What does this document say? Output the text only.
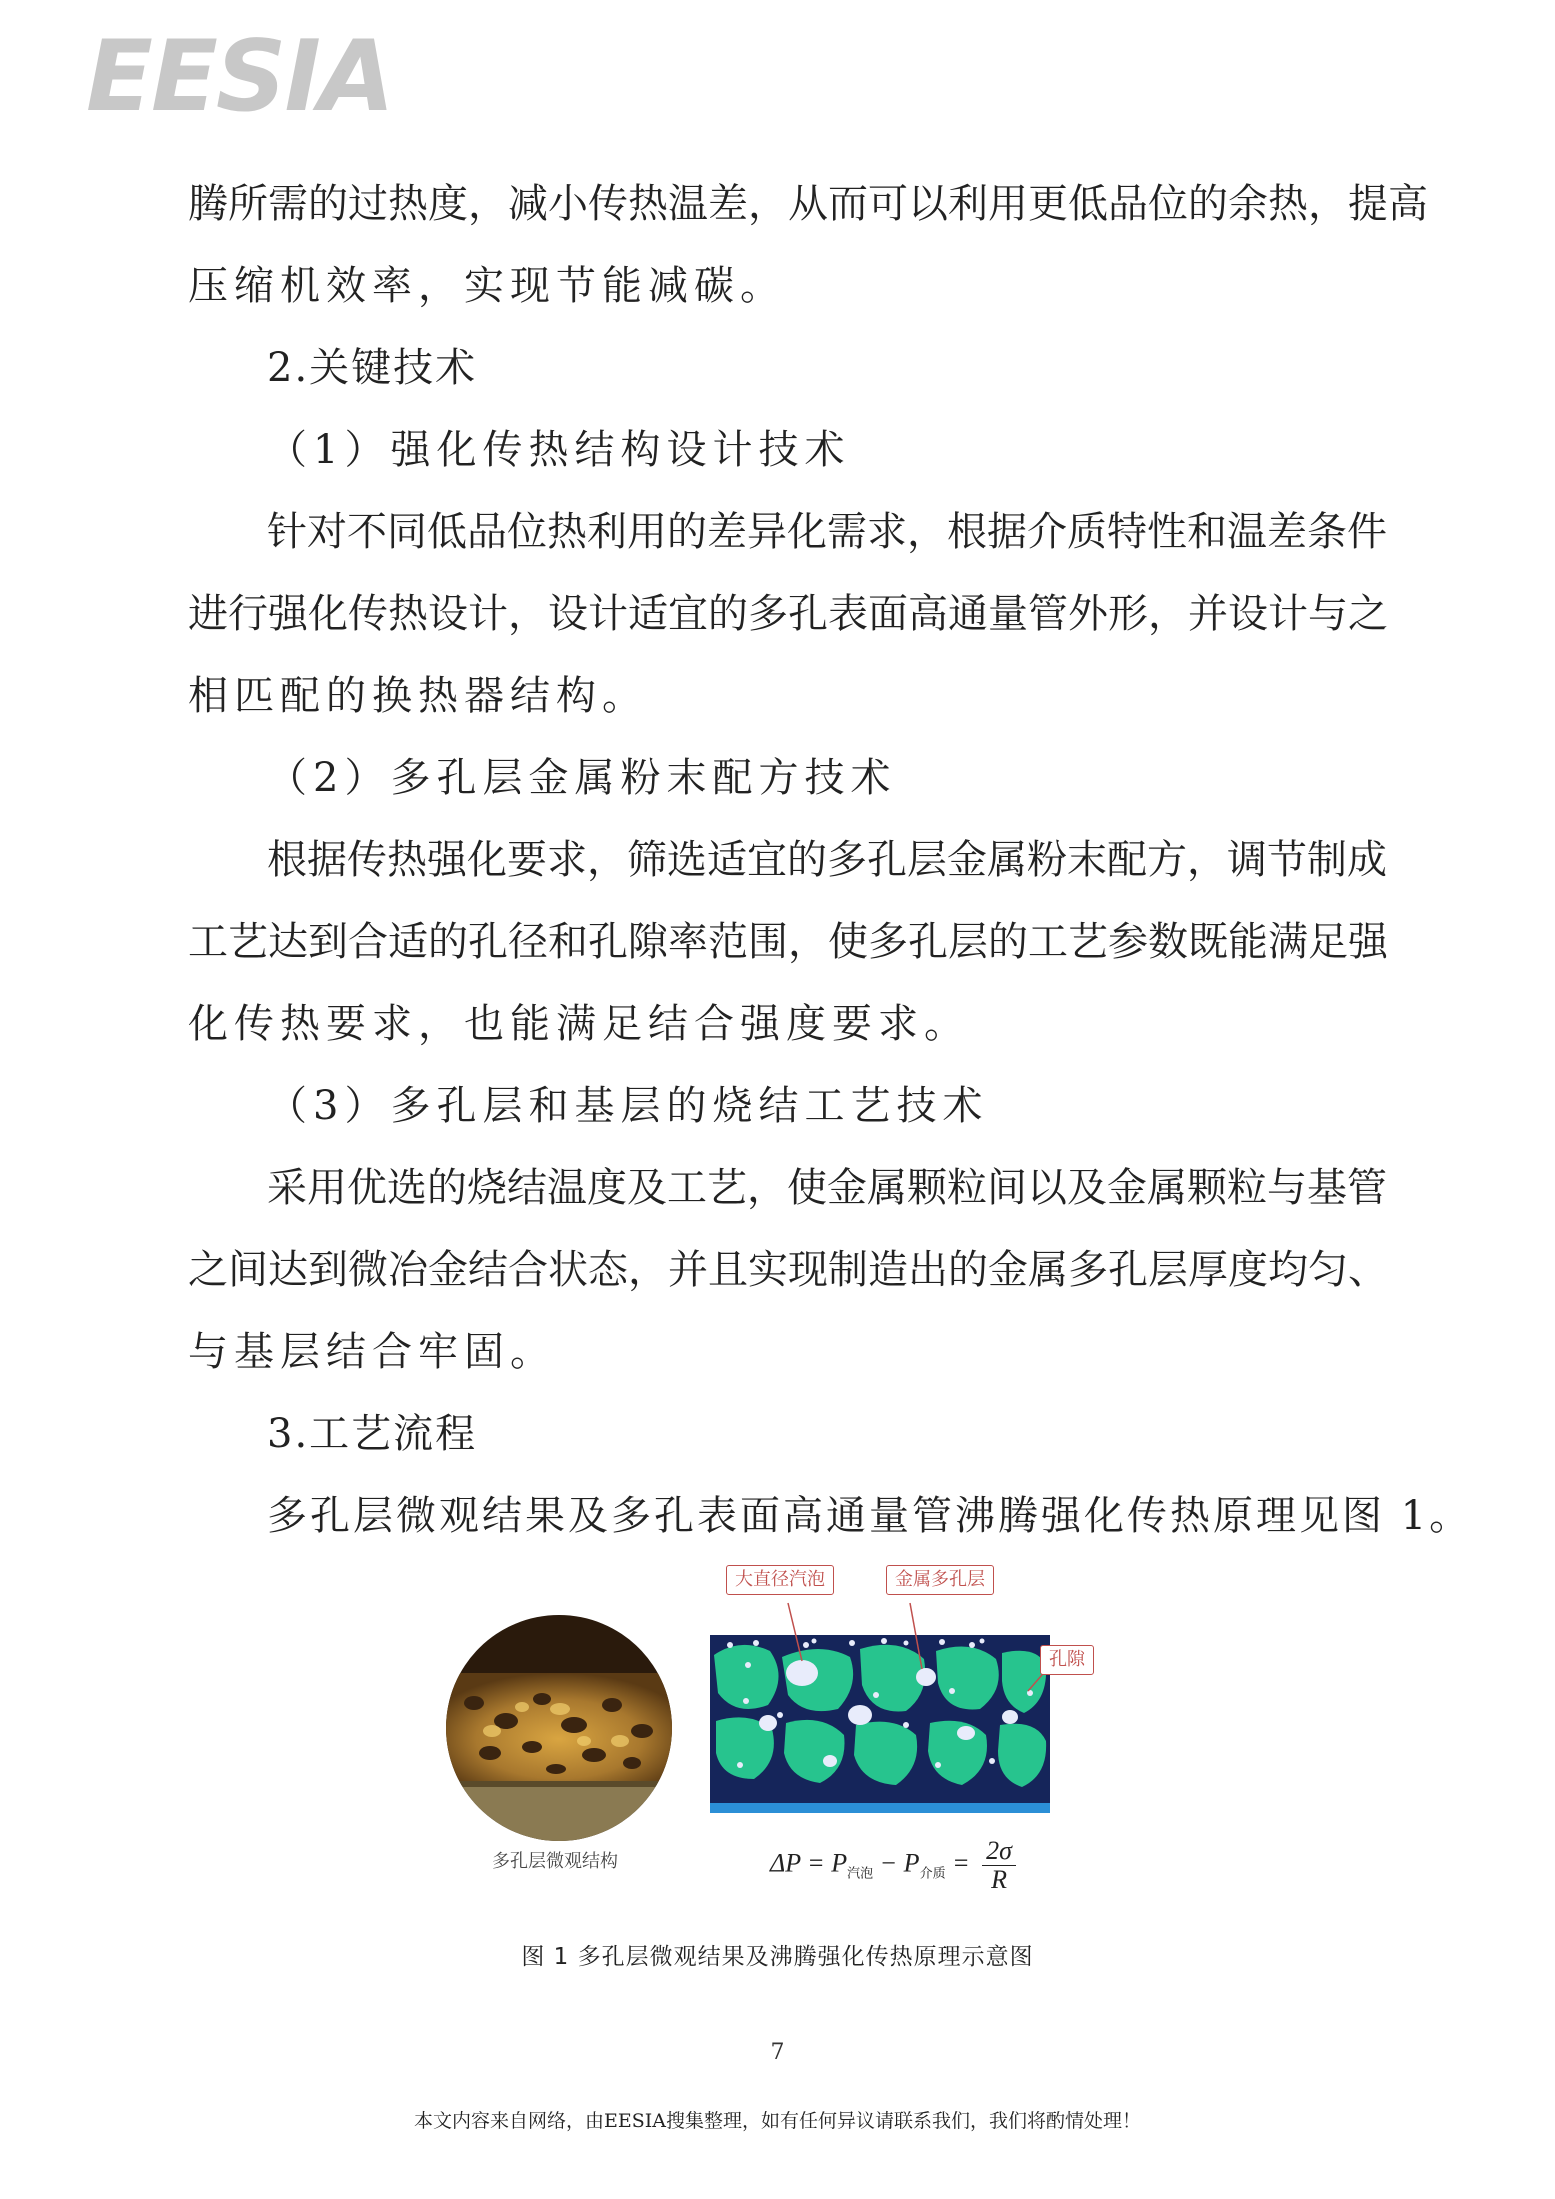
EESIA
腾所需的过热度，减小传热温差，从而可以利用更低品位的余热，提高
压缩机效率，实现节能减碳。
2.关键技术
（1）强化传热结构设计技术
针对不同低品位热利用的差异化需求，根据介质特性和温差条件
进行强化传热设计，设计适宜的多孔表面高通量管外形，并设计与之
相匹配的换热器结构。
（2）多孔层金属粉末配方技术
根据传热强化要求，筛选适宜的多孔层金属粉末配方，调节制成
工艺达到合适的孔径和孔隙率范围，使多孔层的工艺参数既能满足强
化传热要求，也能满足结合强度要求。
（3）多孔层和基层的烧结工艺技术
采用优选的烧结温度及工艺，使金属颗粒间以及金属颗粒与基管
之间达到微冶金结合状态，并且实现制造出的金属多孔层厚度均匀、
与基层结合牢固。
3.工艺流程
多孔层微观结果及多孔表面高通量管沸腾强化传热原理见图 1。
多孔层微观结构
大直径汽泡	金属多孔层
孔隙
$\Delta P = P_{汽泡} - P_{介质} = \frac{2\sigma}{R}$
图 1 多孔层微观结果及沸腾强化传热原理示意图
7
本文内容来自网络，由EESIA搜集整理，如有任何异议请联系我们，我们将酌情处理！
